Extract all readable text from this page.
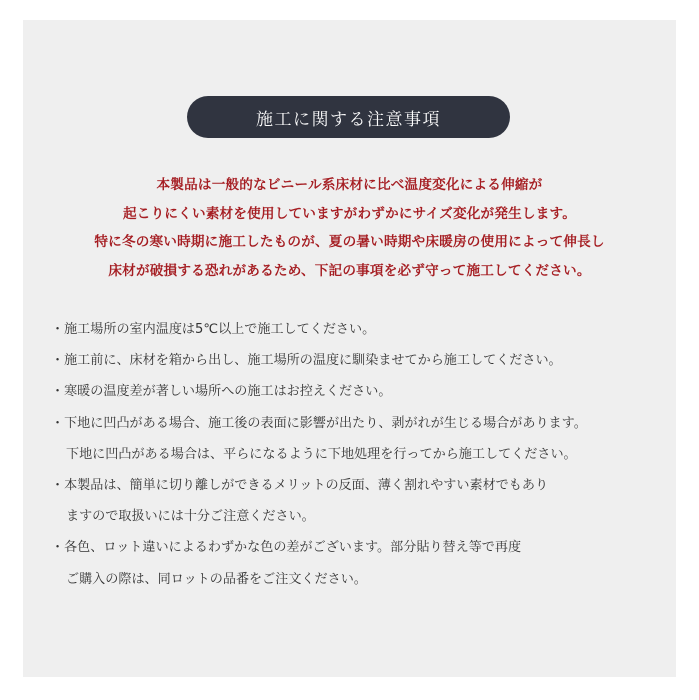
施工に関する注意事項
本製品は一般的なビニール系床材に比べ温度変化による伸縮が
起こりにくい素材を使用していますがわずかにサイズ変化が発生します。
特に冬の寒い時期に施工したものが、夏の暑い時期や床暖房の使用によって伸長し
床材が破損する恐れがあるため、下記の事項を必ず守って施工してください。
・施工場所の室内温度は5℃以上で施工してください。
・施工前に、床材を箱から出し、施工場所の温度に馴染ませてから施工してください。
・寒暖の温度差が著しい場所への施工はお控えください。
・下地に凹凸がある場合、施工後の表面に影響が出たり、剥がれが生じる場合があります。
下地に凹凸がある場合は、平らになるように下地処理を行ってから施工してください。
・本製品は、簡単に切り離しができるメリットの反面、薄く割れやすい素材でもあり
ますので取扱いには十分ご注意ください。
・各色、ロット違いによるわずかな色の差がございます。部分貼り替え等で再度
ご購入の際は、同ロットの品番をご注文ください。
